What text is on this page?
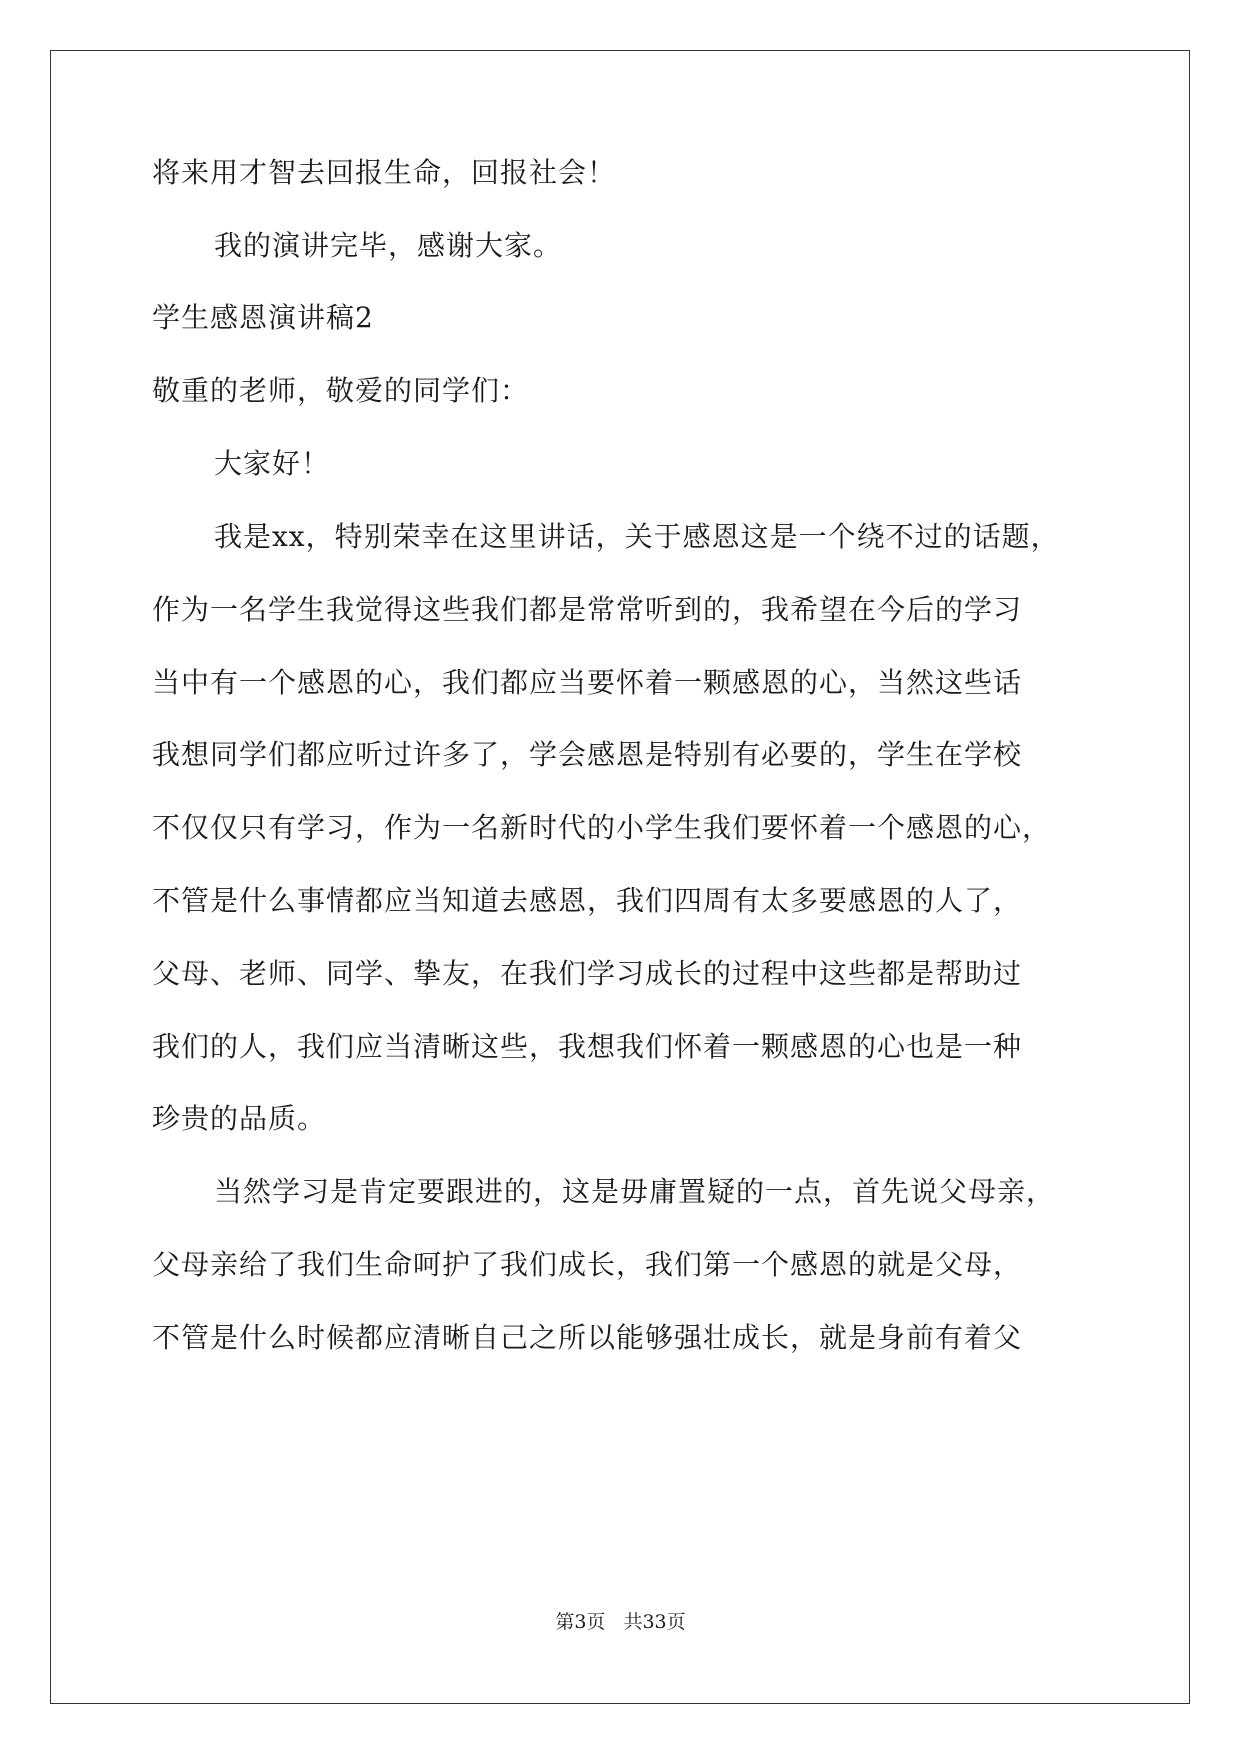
将来用才智去回报生命，回报社会！
我的演讲完毕，感谢大家。
学生感恩演讲稿2
敬重的老师，敬爱的同学们：
大家好！
我是xx，特别荣幸在这里讲话，关于感恩这是一个绕不过的话题，
作为一名学生我觉得这些我们都是常常听到的，我希望在今后的学习
当中有一个感恩的心，我们都应当要怀着一颗感恩的心，当然这些话
我想同学们都应听过许多了，学会感恩是特别有必要的，学生在学校
不仅仅只有学习，作为一名新时代的小学生我们要怀着一个感恩的心，
不管是什么事情都应当知道去感恩，我们四周有太多要感恩的人了，
父母、老师、同学、挚友，在我们学习成长的过程中这些都是帮助过
我们的人，我们应当清晰这些，我想我们怀着一颗感恩的心也是一种
珍贵的品质。
当然学习是肯定要跟进的，这是毋庸置疑的一点，首先说父母亲，
父母亲给了我们生命呵护了我们成长，我们第一个感恩的就是父母，
不管是什么时候都应清晰自己之所以能够强壮成长，就是身前有着父
第3页 共33页
